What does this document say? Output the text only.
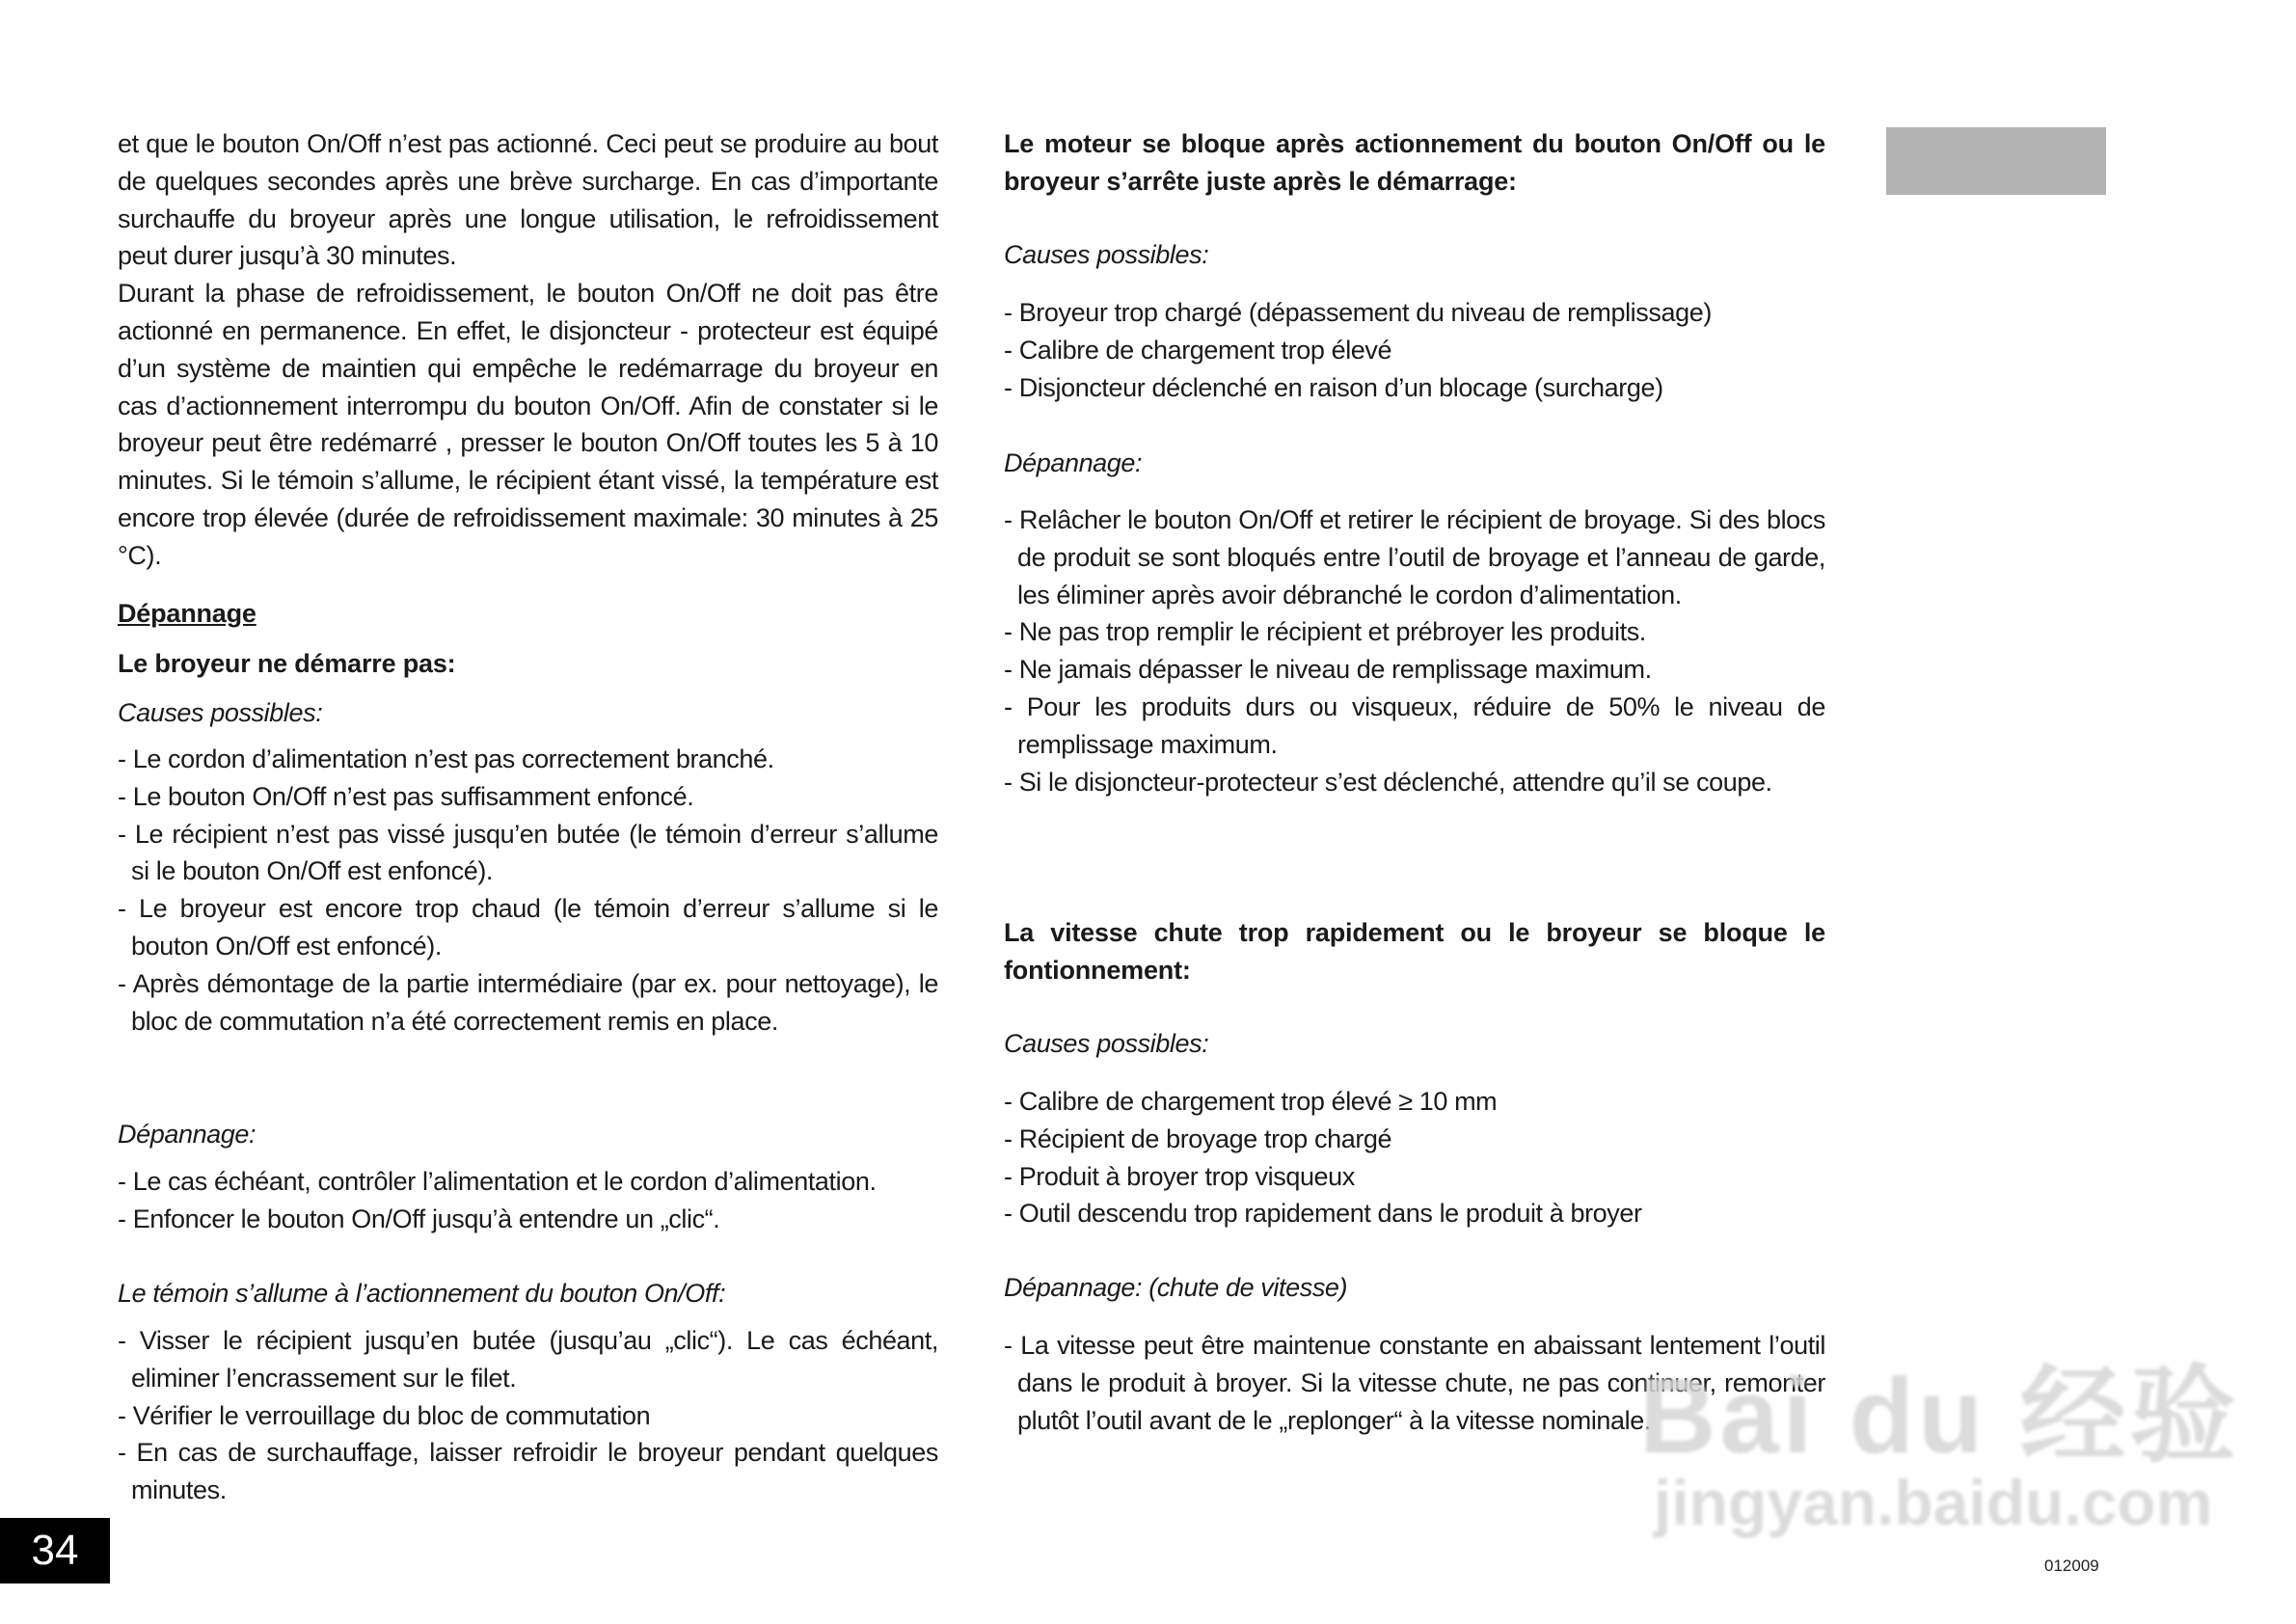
et que le bouton On/Off n’est pas actionné. Ceci peut se produire au bout de quelques secondes après une brève surcharge. En cas d’importante surchauffe du broyeur après une longue utilisation, le refroidissement peut durer jusqu’à 30 minutes.

Durant la phase de refroidissement, le bouton On/Off ne doit pas être actionné en permanence. En effet, le disjoncteur - protecteur est équipé d’un système de maintien qui empêche le redémarrage du broyeur en cas d’actionnement interrompu du bouton On/Off. Afin de constater si le broyeur peut être redémarré , presser le bouton On/Off toutes les 5 à 10 minutes. Si le témoin s’allume, le récipient étant vissé, la température est encore trop élevée (durée de refroidissement maximale: 30 minutes à 25 °C).

Dépannage
Le broyeur ne démarre pas:
Causes possibles:

- Le cordon d’alimentation n’est pas correctement branché.

- Le bouton On/Off n’est pas suffisamment enfoncé.

- Le récipient n’est pas vissé jusqu’en butée (le témoin d’erreur s’allume si le bouton On/Off est enfoncé).

- Le broyeur est encore trop chaud (le témoin d’erreur s’allume si le bouton On/Off est enfoncé).

- Après démontage de la partie intermédiaire (par ex. pour nettoyage), le bloc de commutation n’a été correctement remis en place.

Dépannage:

- Le cas échéant, contrôler l’alimentation et le cordon d’alimentation.

- Enfoncer le bouton On/Off jusqu’à entendre un „clic“.

Le témoin s’allume à l’actionnement du bouton On/Off:

- Visser le récipient jusqu’en butée (jusqu’au „clic“). Le cas échéant, eliminer l’encrassement sur le filet.

- Vérifier le verrouillage du bloc de commutation

- En cas de surchauffage, laisser refroidir le broyeur pendant quelques minutes.

Le moteur se bloque après actionnement du bouton On/Off ou le broyeur s’arrête juste après le démarrage:
Causes possibles:

- Broyeur trop chargé (dépassement du niveau de remplissage)

- Calibre de chargement trop élevé

- Disjoncteur déclenché en raison d’un blocage (surcharge)

Dépannage:

- Relâcher le bouton On/Off et retirer le récipient de broyage. Si des blocs de produit se sont bloqués entre l’outil de broyage et l’anneau de garde, les éliminer après avoir débranché le cordon d’alimentation.

- Ne pas trop remplir le récipient et prébroyer les produits.

- Ne jamais dépasser le niveau de remplissage maximum.

- Pour les produits durs ou visqueux, réduire de 50% le niveau de remplissage maximum.

- Si le disjoncteur-protecteur s’est déclenché, attendre qu’il se coupe.

La vitesse chute trop rapidement ou le broyeur se bloque le fontionnement:
Causes possibles:

- Calibre de chargement trop élevé ≥ 10 mm

- Récipient de broyage trop chargé

- Produit à broyer trop visqueux

- Outil descendu trop rapidement dans le produit à broyer

Dépannage: (chute de vitesse)

- La vitesse peut être maintenue constante en abaissant lentement l’outil dans le produit à broyer. Si la vitesse chute, ne pas continuer, remonter plutôt l’outil avant de le „replonger“ à la vitesse nominale.

Bai du 经验
jingyan.baidu.com
34	012009
